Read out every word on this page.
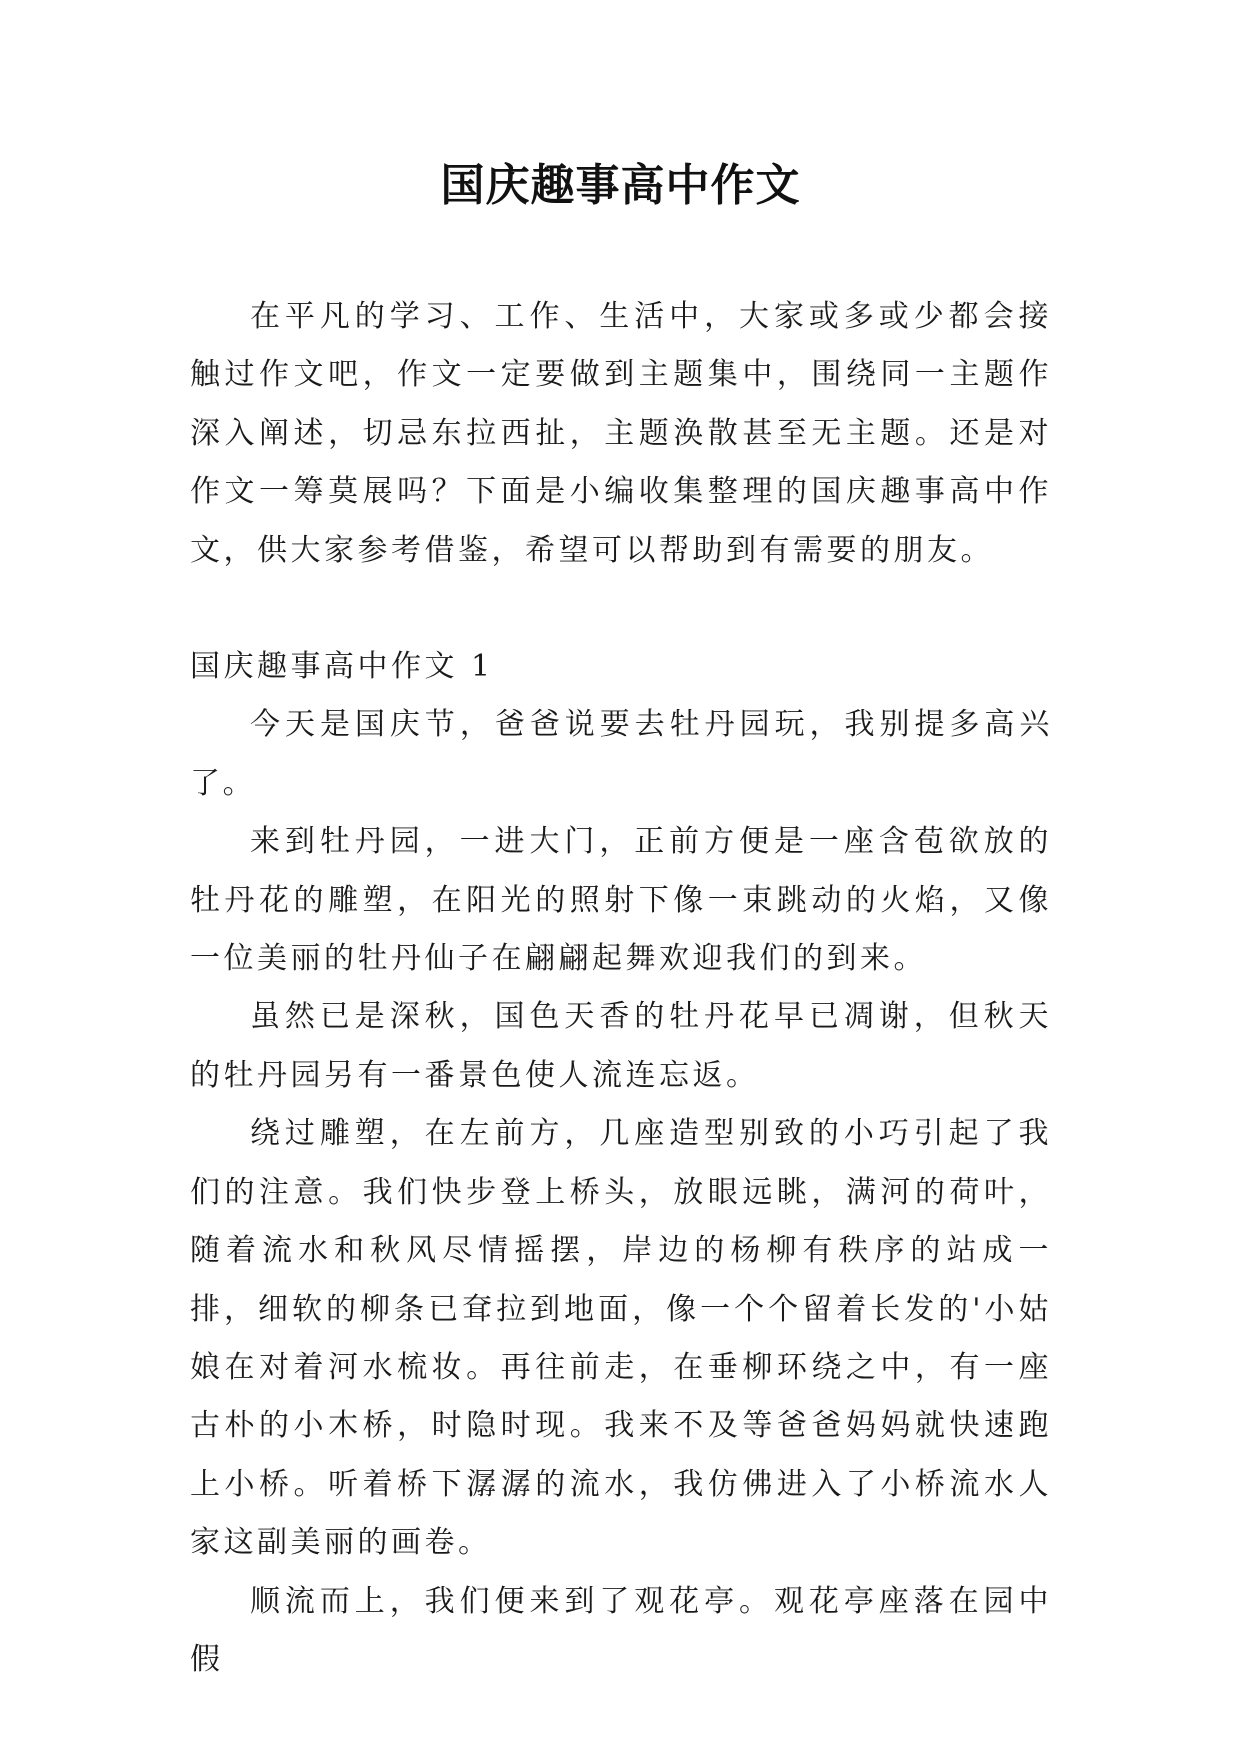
国庆趣事高中作文

在平凡的学习、工作、生活中，大家或多或少都会接触过作文吧，作文一定要做到主题集中，围绕同一主题作深入阐述，切忌东拉西扯，主题涣散甚至无主题。还是对作文一筹莫展吗？下面是小编收集整理的国庆趣事高中作文，供大家参考借鉴，希望可以帮助到有需要的朋友。

国庆趣事高中作文 1

今天是国庆节，爸爸说要去牡丹园玩，我别提多高兴了。

来到牡丹园，一进大门，正前方便是一座含苞欲放的牡丹花的雕塑，在阳光的照射下像一束跳动的火焰，又像一位美丽的牡丹仙子在翩翩起舞欢迎我们的到来。

虽然已是深秋，国色天香的牡丹花早已凋谢，但秋天的牡丹园另有一番景色使人流连忘返。

绕过雕塑，在左前方，几座造型别致的小巧引起了我们的注意。我们快步登上桥头，放眼远眺，满河的荷叶，随着流水和秋风尽情摇摆，岸边的杨柳有秩序的站成一排，细软的柳条已耷拉到地面，像一个个留着长发的'小姑娘在对着河水梳妆。再往前走，在垂柳环绕之中，有一座古朴的小木桥，时隐时现。我来不及等爸爸妈妈就快速跑上小桥。听着桥下潺潺的流水，我仿佛进入了小桥流水人家这副美丽的画卷。

顺流而上，我们便来到了观花亭。观花亭座落在园中假
